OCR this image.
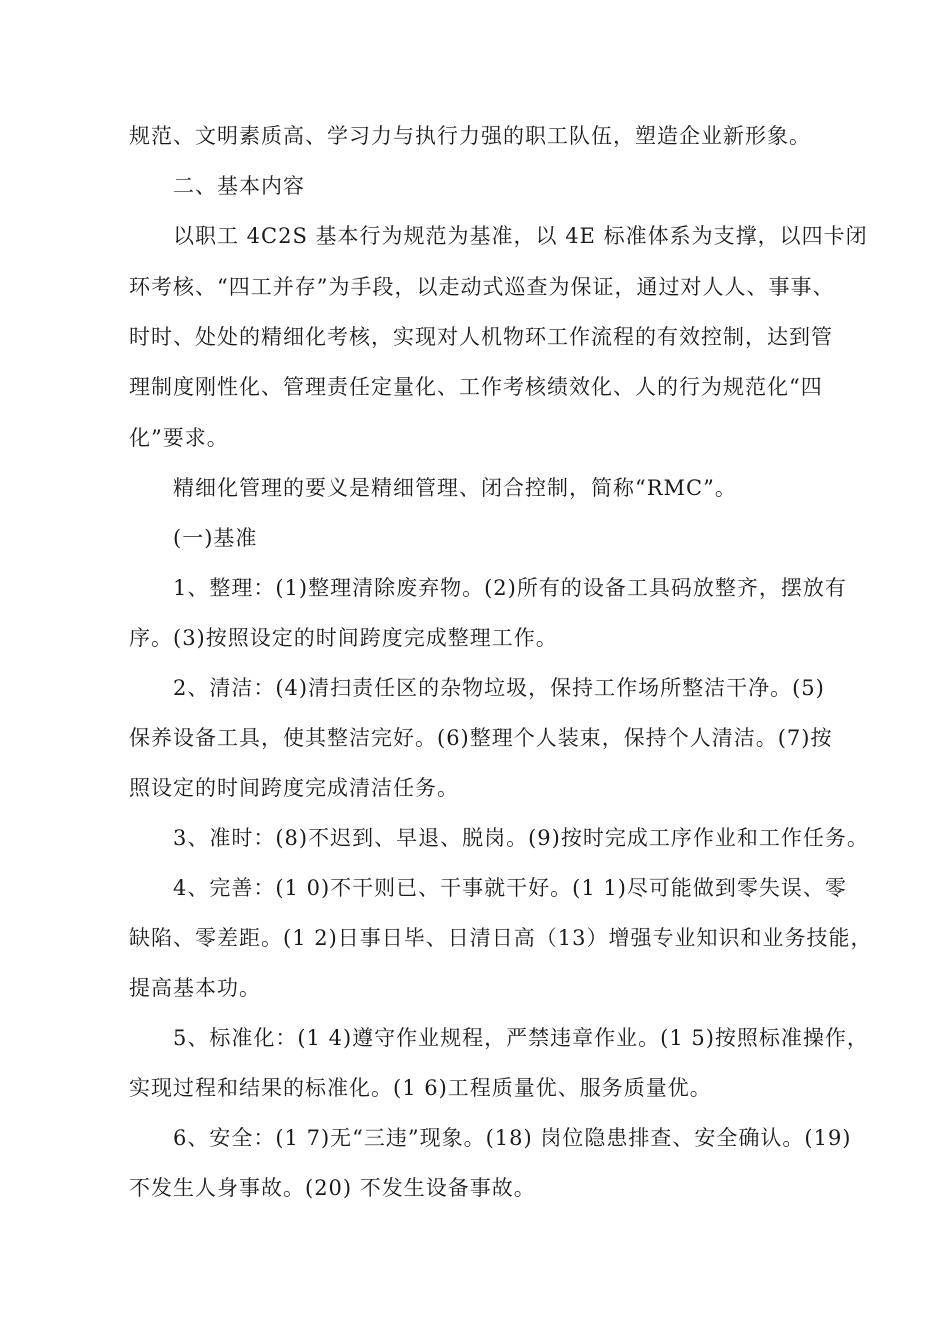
规范、文明素质高、学习力与执行力强的职工队伍，塑造企业新形象。
二、基本内容
以职工 4C2S 基本行为规范为基准，以 4E 标准体系为支撑，以四卡闭
环考核、“四工并存”为手段，以走动式巡查为保证，通过对人人、事事、
时时、处处的精细化考核，实现对人机物环工作流程的有效控制，达到管
理制度刚性化、管理责任定量化、工作考核绩效化、人的行为规范化“四
化”要求。
精细化管理的要义是精细管理、闭合控制，简称“RMC”。
(一)基准
1、整理：(1)整理清除废弃物。(2)所有的设备工具码放整齐，摆放有
序。(3)按照设定的时间跨度完成整理工作。
2、清洁：(4)清扫责任区的杂物垃圾，保持工作场所整洁干净。(5)
保养设备工具，使其整洁完好。(6)整理个人装束，保持个人清洁。(7)按
照设定的时间跨度完成清洁任务。
3、准时：(8)不迟到、早退、脱岗。(9)按时完成工序作业和工作任务。
4、完善：(1 0)不干则已、干事就干好。(1 1)尽可能做到零失误、零
缺陷、零差距。(1 2)日事日毕、日清日高（13）增强专业知识和业务技能，
提高基本功。
5、标准化：(1 4)遵守作业规程，严禁违章作业。(1 5)按照标准操作，
实现过程和结果的标准化。(1 6)工程质量优、服务质量优。
6、安全：(1 7)无“三违”现象。(18) 岗位隐患排查、安全确认。(19)
不发生人身事故。(20) 不发生设备事故。
